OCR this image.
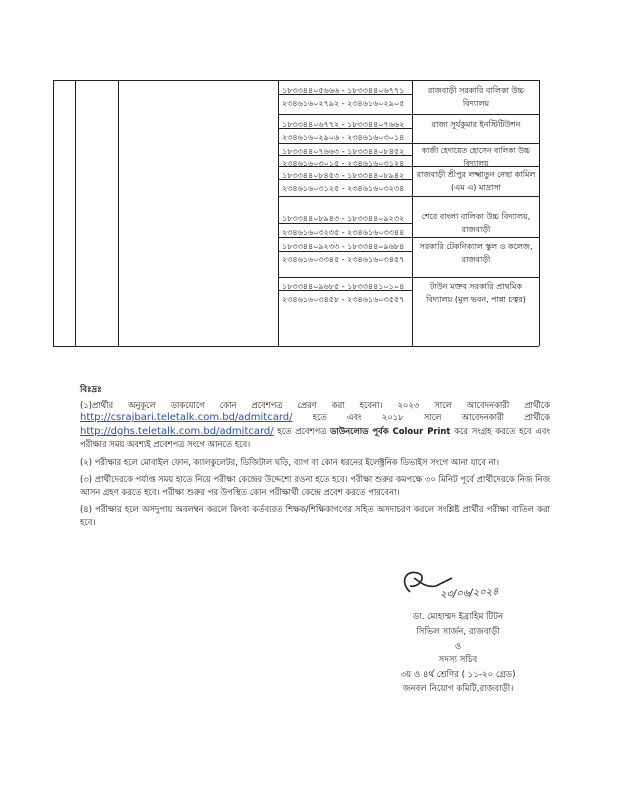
১৮৩৩৪৪০৫৬৬৬ - ১৮৩৩৪৪০৬৭৭১
২৩৪৬১৬০২৭৯২ - ২৩৪৬১৬০২৯০৫
রাজবাড়ী সরকারি বালিকা উচ্চ বিদ্যালয়
১৮৩৩৪৪০৬৭৭২ - ১৮৩৩৪৪০৭৬৬২
২৩৪৬১৬০২৯০৬ - ২৩৪৬১৬০৩০১৪
রাজা সূর্যকুমার ইনস্টিটিউশন
১৮৩৩৪৪০৭৬৬৩ - ১৮৩৩৪৪০৮৪৫২
২৩৪৬১৬০৩০১৫ - ২৩৪৬১৬০৩১২৪
কাজী হেদায়েত হোসেন বালিকা উচ্চ বিদ্যালয়
১৮৩৩৪৪০৮৪৫৩ - ১৮৩৩৪৪০৮৯৪২
২৩৪৬১৬০৩১২৫ - ২৩৪৬১৬০৩২৩৪
রাজবাড়ী শ্রীপুর লক্ষ্মাতুন নেছা কামিল (এম এ) মাদ্রাসা
১৮৩৩৪৪০৮৯৪৩ - ১৮৩৩৪৪০৯২৩২
২৩৪৬১৬০৩২৩৫ - ২৩৪৬১৬০৩৩৪৪
শেরে বাংলা বালিকা উচ্চ বিদ্যালয়, রাজবাড়ী
১৮৩৩৪৪০৯২৩৩ - ১৮৩৩৪৪০৯৬৮৪
২৩৪৬১৬০৩৩৪৫ - ২৩৪৬১৬০৩৪৫৭
সরকারি টেকনিক্যাল স্কুল ও কলেজ, রাজবাড়ী
১৮৩৩৪৪০৯৬৮৫ - ১৮৩৩৪৪১০১০৪
২৩৪৬১৬০৩৪৫৮ - ২৩৪৬১৬০৩৫৫৭
টাউন মক্তব সরকারি প্রাথমিক বিদ্যালয় (মুল ভবন, পান্না চত্বর)

বিঃদ্রঃ

(১)প্রার্থীর অনুকূলে ডাকযোগে কোন প্রবেশপত্র প্রেরণ করা হবেনা। ২০২৩ সালে আবেদনকারী প্রার্থীকে http://csrajbari.teletalk.com.bd/admitcard/ হতে এবং ২০১৮ সালে আবেদনকারী প্রার্থীকে http://dghs.teletalk.com.bd/admitcard/ হতে প্রবেশপত্র ডাউনলোড পূর্বক Colour Print করে সংগ্রহ করতে হবে এবং পরীক্ষার সময় অবশ্যই প্রবেশপত্র সংগে আনতে হবে।

(২) পরীক্ষার হলে মোবাইল ফোন, ক্যালকুলেটর, ডিজিটাল ঘড়ি, ব্যাগ বা কোন ধরনের ইলেক্ট্রনিক ডিভাইস সংগে আনা যাবে না।

(৩) প্রার্থীদেরকে পর্যাপ্ত সময় হাতে নিয়ে পরীক্ষা কেন্দ্রের উদ্দেশ্যে রওনা হতে হবে। পরীক্ষা শুরুর কমপক্ষে ৩০ মিনিট পূর্বে প্রার্থীদেরকে নিজ নিজ আসন গ্রহণ করতে হবে। পরীক্ষা শুরুর পর উপস্থিত কোন পরীক্ষার্থী কেন্দ্রে প্রবেশ করতে পারবেনা।

(৪) পরীক্ষার হলে অসদুপায় অবলম্বন করলে কিংবা কর্তব্যরত শিক্ষক/শিক্ষিকাগণের সহিত অসদাচরণ করলে সংশ্লিষ্ট প্রার্থীর পরীক্ষা বাতিল করা হবে।

২৩/০৬/২০২৪
ডা. মোহাম্মদ ইব্রাহিম টিটন
সিভিল সার্জন, রাজবাড়ী
ও
সদস্য সচিব
৩য় ও ৪র্থ শ্রেণির ( ১১-২০ গ্রেড)
জনবল নিয়োগ কমিটি,রাজবাড়ী।
